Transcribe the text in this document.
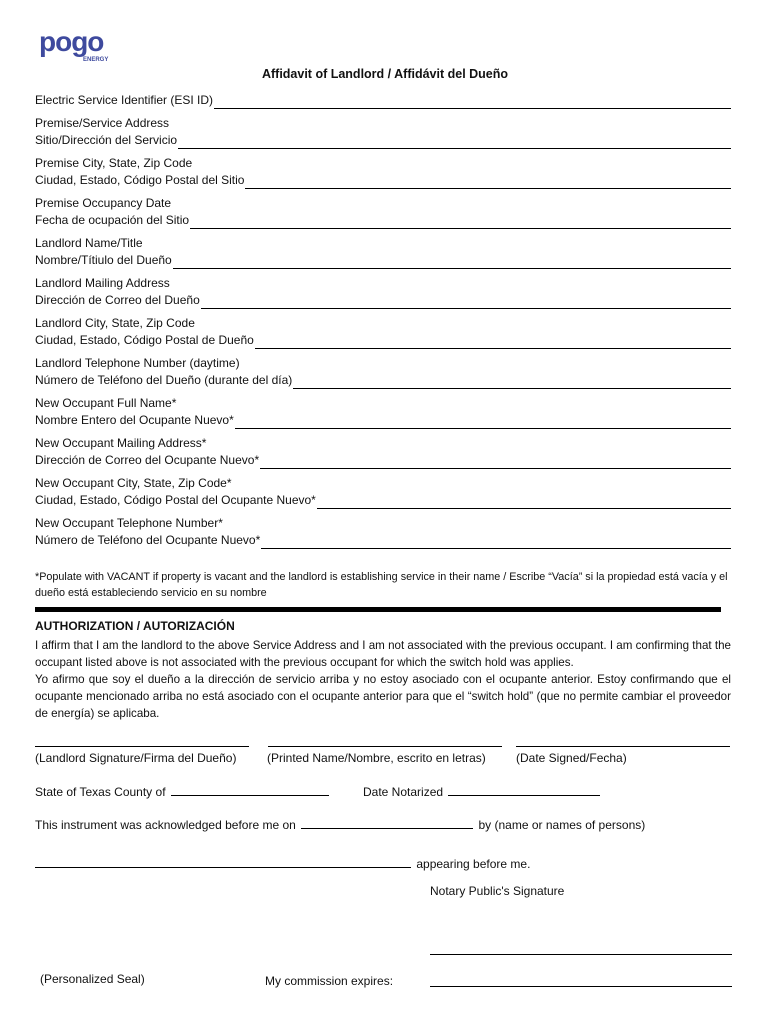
pogo
ENERGY
Affidavit of Landlord / Affidávit del Dueño
Electric Service Identifier (ESI ID)
Premise/Service Address
Sitio/Dirección del Servicio
Premise City, State, Zip Code
Ciudad, Estado, Código Postal del Sitio
Premise Occupancy Date
Fecha de ocupación del Sitio
Landlord Name/Title
Nombre/Títiulo del Dueño
Landlord Mailing Address
Dirección de Correo del Dueño
Landlord City, State, Zip Code
Ciudad, Estado, Código Postal de Dueño
Landlord Telephone Number (daytime)
Número de Teléfono del Dueño (durante del día)
New Occupant Full Name*
Nombre Entero del Ocupante Nuevo*
New Occupant Mailing Address*
Dirección de Correo del Ocupante Nuevo*
New Occupant City, State, Zip Code*
Ciudad, Estado, Código Postal del Ocupante Nuevo*
New Occupant Telephone Number*
Número de Teléfono del Ocupante Nuevo*
*Populate with VACANT if property is vacant and the landlord is establishing service in their name / Escribe “Vacía” si la propiedad está vacía y el dueño está estableciendo servicio en su nombre
AUTHORIZATION / AUTORIZACIÓN
I affirm that I am the landlord to the above Service Address and I am not associated with the previous occupant. I am confirming that the occupant listed above is not associated with the previous occupant for which the switch hold was applies.
Yo afirmo que soy el dueño a la dirección de servicio arriba y no estoy asociado con el ocupante anterior. Estoy confirmando que el ocupante mencionado arriba no está asociado con el ocupante anterior para que el “switch hold” (que no permite cambiar el proveedor de energía) se aplicaba.
(Landlord Signature/Firma del Dueño)	(Printed Name/Nombre, escrito en letras)	(Date Signed/Fecha)
State of Texas County of	Date Notarized
This instrument was acknowledged before me on	by (name or names of persons)
appearing before me.
Notary Public's Signature
(Personalized Seal)	My commission expires:
